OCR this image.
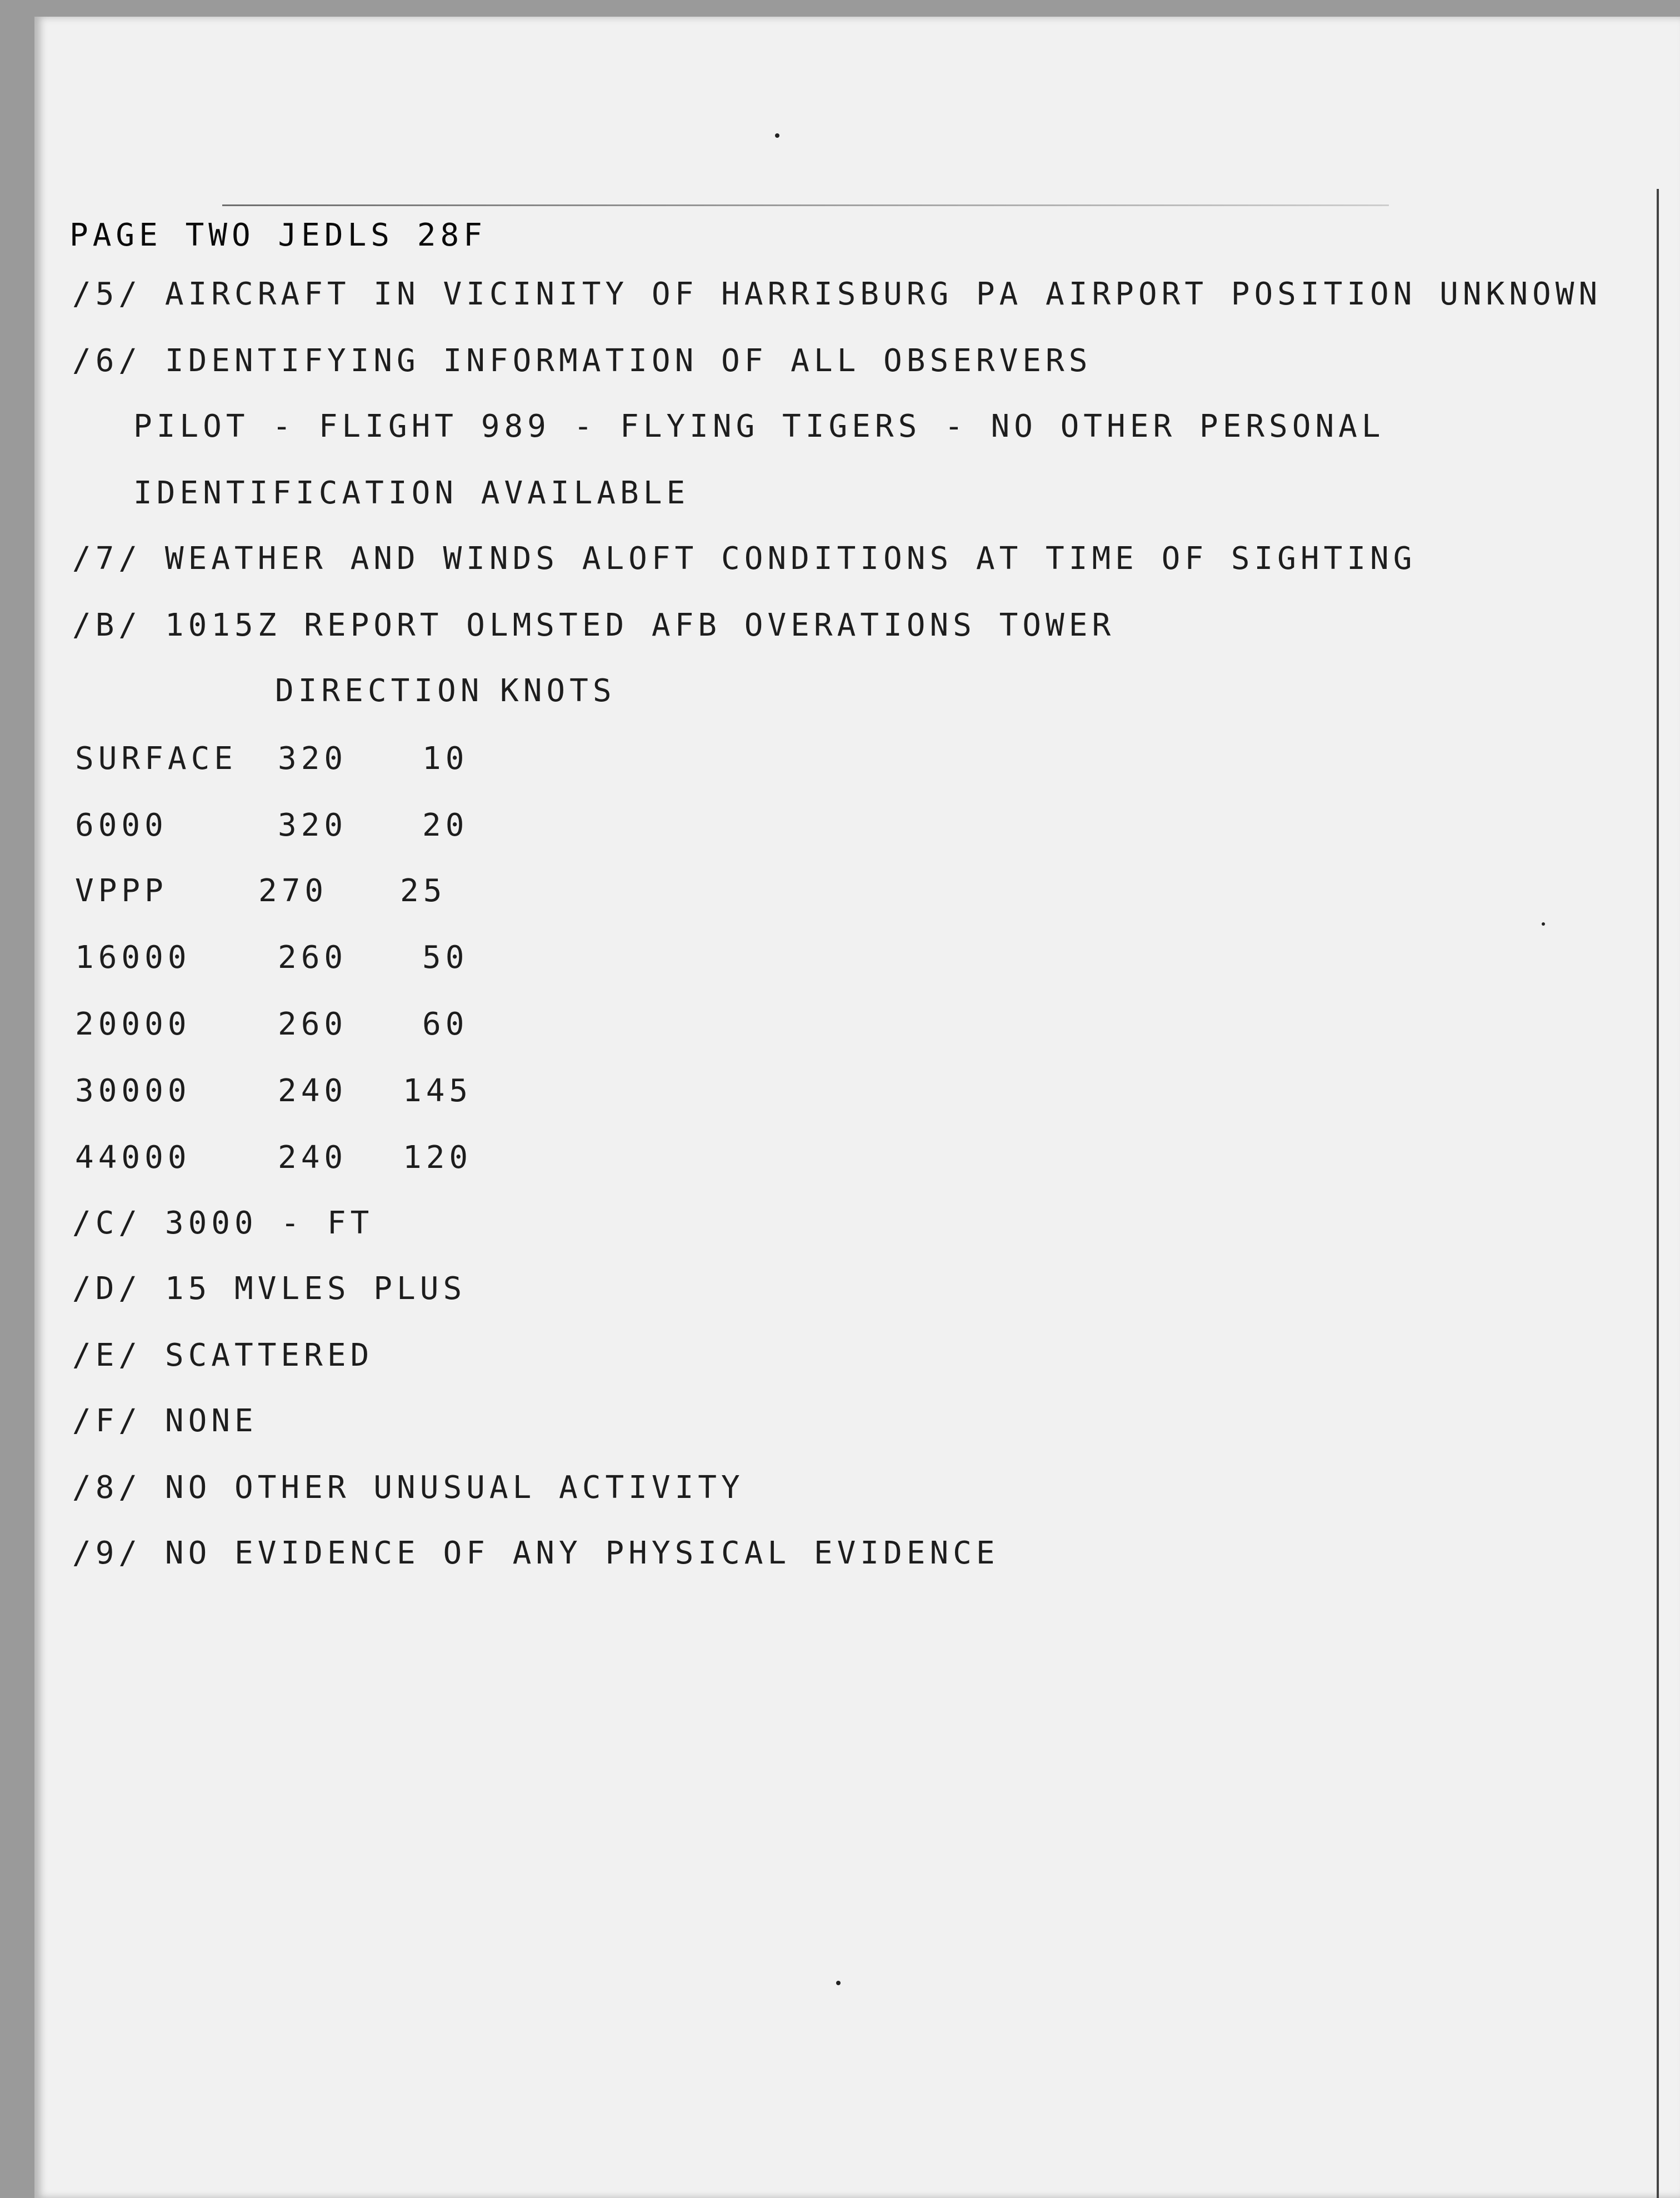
PAGE TWO JEDLS 28F

/5/ AIRCRAFT IN VICINITY OF HARRISBURG PA AIRPORT POSITION UNKNOWN

/6/ IDENTIFYING INFORMATION OF ALL OBSERVERS

PILOT - FLIGHT 989 - FLYING TIGERS - NO OTHER PERSONAL

IDENTIFICATION AVAILABLE

/7/ WEATHER AND WINDS ALOFT CONDITIONS AT TIME OF SIGHTING

/B/ 1015Z REPORT OLMSTED AFB OVERATIONS TOWER

DIRECTION KNOTS

SURFACE 320 10

6000	320 20

VPPP	270 25

16000	260 50

20000	260 60

30000	240 145

44000	240 120

/C/ 3000 - FT

/D/ 15 MVLES PLUS

/E/ SCATTERED

/F/ NONE

/8/ NO OTHER UNUSUAL ACTIVITY

/9/ NO EVIDENCE OF ANY PHYSICAL EVIDENCE
